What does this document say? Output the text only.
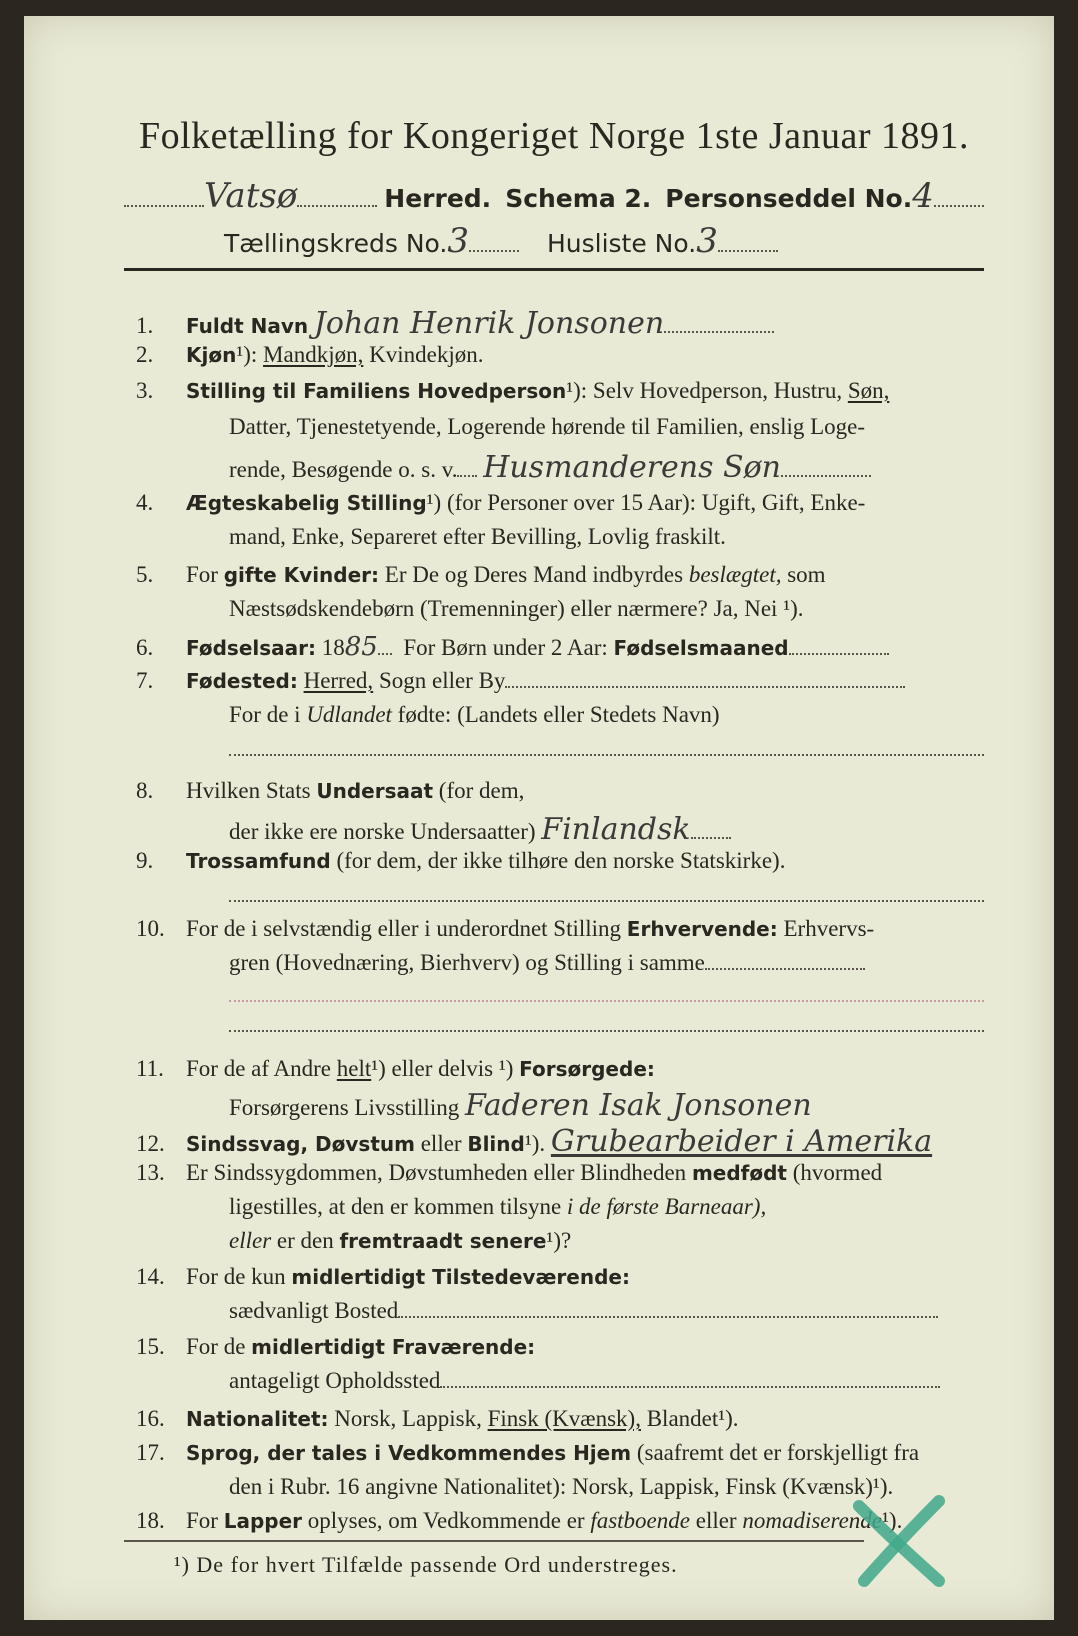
Folketælling for Kongeriget Norge 1ste Januar 1891.
Vatsø	Herred. Schema 2. Personseddel No.4
Tællingskreds No.3	Husliste No.3
1. Fuldt Navn Johan Henrik Jonsonen
2. Kjøn¹): Mandkjøn, Kvindekjøn.
3. Stilling til Familiens Hovedperson¹): Selv Hovedperson, Hustru, Søn,
Datter, Tjenestetyende, Logerende hørende til Familien, enslig Loge-
rende, Besøgende o. s. v. Husmanderens Søn
4. Ægteskabelig Stilling¹) (for Personer over 15 Aar): Ugift, Gift, Enke-
mand, Enke, Separeret efter Bevilling, Lovlig fraskilt.
5. For gifte Kvinder: Er De og Deres Mand indbyrdes beslægtet, som
Næstsødskendebørn (Tremenninger) eller nærmere? Ja, Nei ¹).
6. Fødselsaar: 1885 For Børn under 2 Aar: Fødselsmaaned
7. Fødested: Herred, Sogn eller By
For de i Udlandet fødte: (Landets eller Stedets Navn)
8. Hvilken Stats Undersaat (for dem,
der ikke ere norske Undersaatter) Finlandsk
9. Trossamfund (for dem, der ikke tilhøre den norske Statskirke).
10. For de i selvstændig eller i underordnet Stilling Erhvervende: Erhvervs-
gren (Hovednæring, Bierhverv) og Stilling i samme
11. For de af Andre helt¹) eller delvis ¹) Forsørgede:
Forsørgerens Livsstilling Faderen Isak Jonsonen
12. Sindssvag, Døvstum eller Blind¹). Grubearbeider i Amerika
13. Er Sindssygdommen, Døvstumheden eller Blindheden medfødt (hvormed
ligestilles, at den er kommen tilsyne i de første Barneaar),
eller er den fremtraadt senere¹)?
14. For de kun midlertidigt Tilstedeværende:
sædvanligt Bosted
15. For de midlertidigt Fraværende:
antageligt Opholdssted
16. Nationalitet: Norsk, Lappisk, Finsk (Kvænsk), Blandet¹).
17. Sprog, der tales i Vedkommendes Hjem (saafremt det er forskjelligt fra
den i Rubr. 16 angivne Nationalitet): Norsk, Lappisk, Finsk (Kvænsk)¹).
18. For Lapper oplyses, om Vedkommende er fastboende eller nomadiserende¹).
¹) De for hvert Tilfælde passende Ord understreges.
